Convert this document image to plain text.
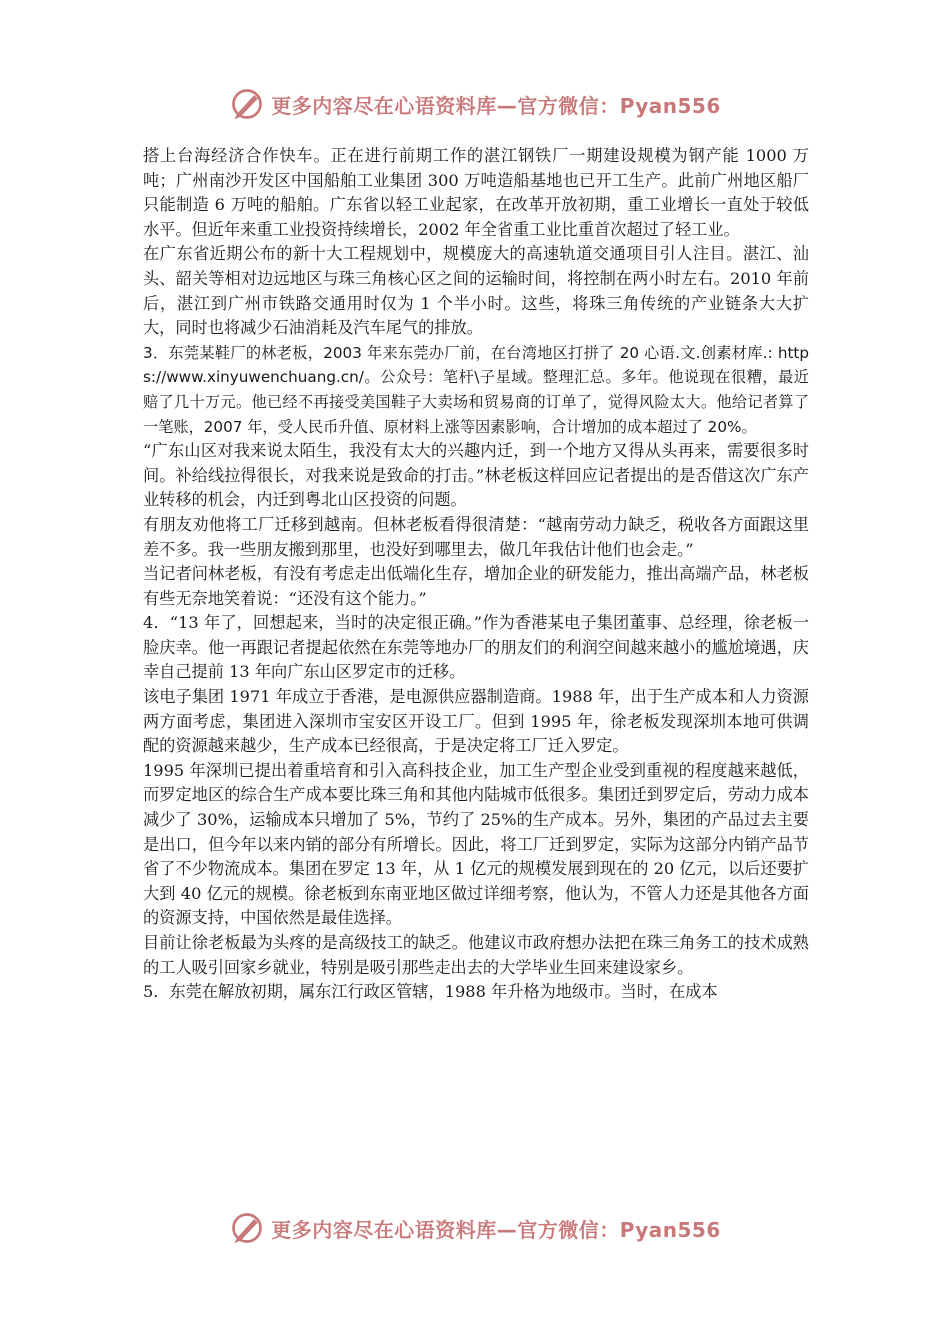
更多内容尽在心语资料库—官方微信：Pyan556

搭上台海经济合作快车。正在进行前期工作的湛江钢铁厂一期建设规模为钢产能 1000 万吨；广州南沙开发区中国船舶工业集团 300 万吨造船基地也已开工生产。此前广州地区船厂只能制造 6 万吨的船舶。广东省以轻工业起家，在改革开放初期，重工业增长一直处于较低水平。但近年来重工业投资持续增长，2002 年全省重工业比重首次超过了轻工业。

在广东省近期公布的新十大工程规划中，规模庞大的高速轨道交通项目引人注目。湛江、汕头、韶关等相对边远地区与珠三角核心区之间的运输时间，将控制在两小时左右。2010 年前后，湛江到广州市铁路交通用时仅为 1 个半小时。这些，将珠三角传统的产业链条大大扩大，同时也将减少石油消耗及汽车尾气的排放。

3．东莞某鞋厂的林老板，2003 年来东莞办厂前，在台湾地区打拼了 20 心语.文.创素材库.: https://www.xinyuwenchuang.cn/。公众号：笔杆\子星域。整理汇总。多年。他说现在很糟，最近赔了几十万元。他已经不再接受美国鞋子大卖场和贸易商的订单了，觉得风险太大。他给记者算了一笔账，2007 年，受人民币升值、原材料上涨等因素影响，合计增加的成本超过了 20%。

“广东山区对我来说太陌生，我没有太大的兴趣内迁，到一个地方又得从头再来，需要很多时间。补给线拉得很长，对我来说是致命的打击。”林老板这样回应记者提出的是否借这次广东产业转移的机会，内迁到粤北山区投资的问题。

有朋友劝他将工厂迁移到越南。但林老板看得很清楚：“越南劳动力缺乏，税收各方面跟这里差不多。我一些朋友搬到那里，也没好到哪里去，做几年我估计他们也会走。”

当记者问林老板，有没有考虑走出低端化生存，增加企业的研发能力，推出高端产品，林老板有些无奈地笑着说：“还没有这个能力。”

4．“13 年了，回想起来，当时的决定很正确。”作为香港某电子集团董事、总经理，徐老板一脸庆幸。他一再跟记者提起依然在东莞等地办厂的朋友们的利润空间越来越小的尴尬境遇，庆幸自己提前 13 年向广东山区罗定市的迁移。

该电子集团 1971 年成立于香港，是电源供应器制造商。1988 年，出于生产成本和人力资源两方面考虑，集团进入深圳市宝安区开设工厂。但到 1995 年，徐老板发现深圳本地可供调配的资源越来越少，生产成本已经很高，于是决定将工厂迁入罗定。

1995 年深圳已提出着重培育和引入高科技企业，加工生产型企业受到重视的程度越来越低，而罗定地区的综合生产成本要比珠三角和其他内陆城市低很多。集团迁到罗定后，劳动力成本减少了 30%，运输成本只增加了 5%，节约了 25%的生产成本。另外，集团的产品过去主要是出口，但今年以来内销的部分有所增长。因此，将工厂迁到罗定，实际为这部分内销产品节省了不少物流成本。集团在罗定 13 年，从 1 亿元的规模发展到现在的 20 亿元，以后还要扩大到 40 亿元的规模。徐老板到东南亚地区做过详细考察，他认为，不管人力还是其他各方面的资源支持，中国依然是最佳选择。

目前让徐老板最为头疼的是高级技工的缺乏。他建议市政府想办法把在珠三角务工的技术成熟的工人吸引回家乡就业，特别是吸引那些走出去的大学毕业生回来建设家乡。

5．东莞在解放初期，属东江行政区管辖，1988 年升格为地级市。当时，在成本

更多内容尽在心语资料库—官方微信：Pyan556
